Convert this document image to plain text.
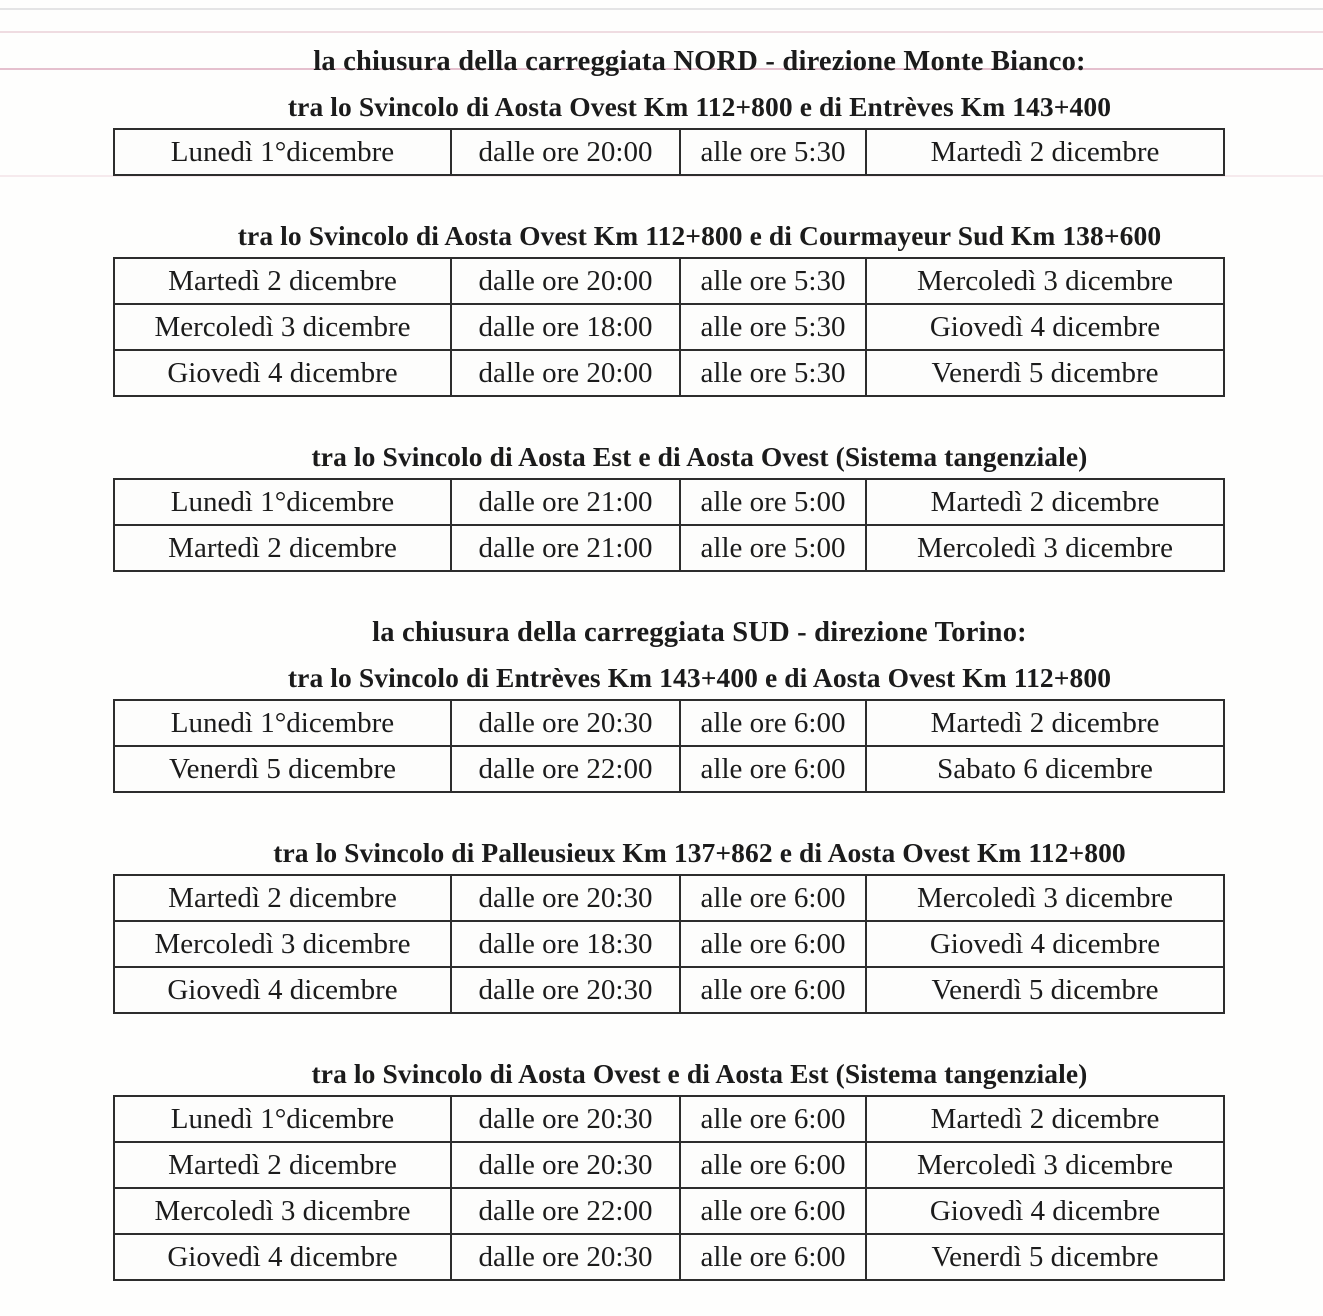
la chiusura della carreggiata NORD - direzione Monte Bianco:
tra lo Svincolo di Aosta Ovest Km 112+800 e di Entrèves Km 143+400
Lunedì 1°dicembre	dalle ore 20:00	alle ore 5:30	Martedì 2 dicembre
tra lo Svincolo di Aosta Ovest Km 112+800 e di Courmayeur Sud Km 138+600
Martedì 2 dicembre	dalle ore 20:00	alle ore 5:30	Mercoledì 3 dicembre
Mercoledì 3 dicembre	dalle ore 18:00	alle ore 5:30	Giovedì 4 dicembre
Giovedì 4 dicembre	dalle ore 20:00	alle ore 5:30	Venerdì 5 dicembre
tra lo Svincolo di Aosta Est e di Aosta Ovest (Sistema tangenziale)
Lunedì 1°dicembre	dalle ore 21:00	alle ore 5:00	Martedì 2 dicembre
Martedì 2 dicembre	dalle ore 21:00	alle ore 5:00	Mercoledì 3 dicembre
la chiusura della carreggiata SUD - direzione Torino:
tra lo Svincolo di Entrèves Km 143+400 e di Aosta Ovest Km 112+800
Lunedì 1°dicembre	dalle ore 20:30	alle ore 6:00	Martedì 2 dicembre
Venerdì 5 dicembre	dalle ore 22:00	alle ore 6:00	Sabato 6 dicembre
tra lo Svincolo di Palleusieux Km 137+862 e di Aosta Ovest Km 112+800
Martedì 2 dicembre	dalle ore 20:30	alle ore 6:00	Mercoledì 3 dicembre
Mercoledì 3 dicembre	dalle ore 18:30	alle ore 6:00	Giovedì 4 dicembre
Giovedì 4 dicembre	dalle ore 20:30	alle ore 6:00	Venerdì 5 dicembre
tra lo Svincolo di Aosta Ovest e di Aosta Est (Sistema tangenziale)
Lunedì 1°dicembre	dalle ore 20:30	alle ore 6:00	Martedì 2 dicembre
Martedì 2 dicembre	dalle ore 20:30	alle ore 6:00	Mercoledì 3 dicembre
Mercoledì 3 dicembre	dalle ore 22:00	alle ore 6:00	Giovedì 4 dicembre
Giovedì 4 dicembre	dalle ore 20:30	alle ore 6:00	Venerdì 5 dicembre
